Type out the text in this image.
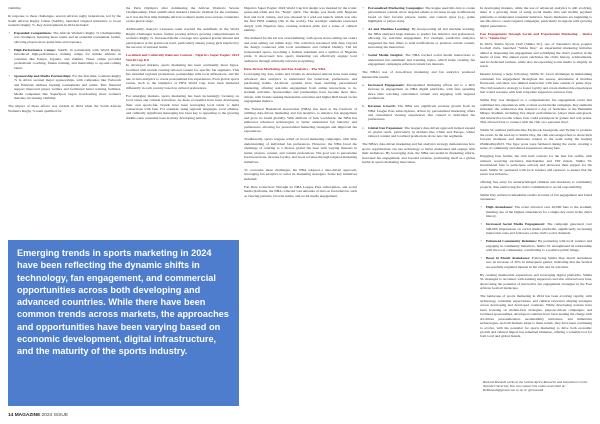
visibility.

In response to these challenges, several African rugby federations, led by the South African Rugby Union (SARU), launched targeted initiatives to boost women's Rugby 7s. Key developments in 2024 included:

• Expanded Competitions: The African Women's Rugby 7s Championship was revamped, featuring more teams and an extended tournament format, allowing players more game time and exposure.
• High-Performance Camps: SARU, in partnership with World Rugby, introduced high-performance training camps for female athletes in countries like Kenya, Uganda, and Zambia. These camps provided professional coaching, fitness training, and mentorship to up-and-coming talent.
• Sponsorship and Media Partnerships: For the first time, women's Rugby 7s in Africa secured major sponsorships, with companies like Vodacom and Emirates Airlines backing tournaments and teams. This financial support improved player welfare and facilitated better training facilities. Media companies like SuperSport began broadcasting more women's matches, increasing visibility.

The impact of these efforts was evident in 2024 when the South African Women's Rugby 7s team qualified for

the Paris Olympics after dominating the African Women's Sevens Championship. Their qualification marked a historic moment for the continent, as it was the first time multiple African women's teams were serious contenders on the global stage.

Additionally, Kenya's Lionesses team reached the semifinals in the World Rugby Challenger Series, further proving Africa's growing competitiveness in women's Rugby 7s. Increased media coverage also sparked greater interest and participation at the grassroots level, particularly among young girls inspired by the success of national teams.

Localized and Culturally Relevant Content - Nigeria's Super Eagles' 2024 World Cup Kit

In developed markets, sports marketing has been continually more hyper-localized with brands creating tailored content for specific fan segments. This has included regional promotions, partnerships with local influencers, and the use of data analytics to create personalized fan experiences. Even global sports events, such as the Olympics or FIFA World Cup, have been marketed differently in each country based on cultural preferences.

For emerging markets, sports marketing has been increasingly focusing on local tastes and cultural narratives. As these economies have been developing their own sports-fan, brands have been leveraging local talent to build connections with fans. For example, using regional languages, local athletes, and culturally significant messaging has been key to appealing to the growing middle-class consumer base in many developing nations.

Emerging trends in sports marketing in 2024 have been reflecting the dynamic shifts in technology, fan engagement, and commercial opportunities across both developing and advanced countries. While there have been common trends across markets, the approaches and opportunities have been varying based on economic development, digital infrastructure, and the maturity of the sports industry.

Nigeria's Super Eagles' 2024 World Cup Kit design was inspired by the iconic green-and-white and the "Naija" spirit. The design was made with Nigerian flair and local culture, and was released in a sold-out launch, which was also the first FIFA ranking (5th in the world). The nostalgic elements resonated deeply with Nigerian fans, evoking national pride and a sense of cultural identity.

The demand for the kit was overwhelming, with sports stores selling out orders and even selling out within days. The collection resonated with fans, beyond the design connected with local sentiments and cultural identity. The kit transcended sports, becoming a fashion statement and a symbol of Nigerian pride. It showcased how sports marketing can effectively engage local audiences through culturally relevant storytelling.

Data-Driven Marketing and Fan Analytics - The NBA

Leveraging big data, teams and brands in developed nations have been using advanced data analytics to understand fan behaviour, preferences, and purchasing habits. AI-driven systems have been enabling personalized marketing, offering real-time engagement from online interactions to in-stadium activities. Sponsorships and partnerships have become more data-driven, with brands seeking measurable outcomes and higher ROI based on fan engagement metrics.

The National Basketball Association (NBA) has been at the forefront of utilizing data-driven marketing and fan analytics to enhance fan engagement and grow its brand globally. With millions of fans worldwide, the NBA has embraced advanced technologies to better understand fan behavior and preferences, allowing for personalized marketing strategies and improved fan experiences.

Traditionally, sports leagues relied on broad marketing campaigns, with little understanding of individual fan preferences. However, the NBA faced the challenge of catering to a diverse global fan base with varying interests in teams, players, content, and content preferences. The goal was to personalize fan interactions, increase loyalty, and boost revenue through targeted marketing initiatives.

To overcome these challenges, the NBA adopted a data-driven approach, leveraging fan analytics to tailor its marketing strategies. Some key initiatives included:

Fan Data Collection: Through its NBA League Pass subscription, and social media platforms, the NBA collected vast amounts of data on fan behavior, such as viewing patterns, favorite teams, and social media engagement.

• Personalized Marketing Campaigns: The league used this data to create personalized content, more targeted emails to increase in-app notifications based on fans' favorite players, teams, and content types (e.g., game highlights or player stats).
• AI and Machine Learning: By incorporating AI and machine learning, the NBA analyzed large datasets to predict fan behavior and preferences, allowing for real-time engagement. For example, predictive analytics suggested the best times to send notifications or promote certain content, increasing fan interaction.
• Social Media Insights: The NBA tracked social media interactions to understand fan sentiment and trending topics, which helps creating fan engagement campaigns reflected current fan interests.

The NBA's use of data-driven marketing and fan analytics produced measurable results:

a. Increased Engagement: Personalized marketing efforts led to a 40% increase in engagement on NBA digital platforms, with fans spending more time watching customized content and engaging with targeted promotions.
b. Revenue Growth: The NBA saw significant revenue growth from its NBA League Pass subscriptions, driven by personalized marketing offers and customized viewing experiences that catered to individual fan preferences.
c. Global Fan Expansion: The league's data-driven approach helped expand its global reach, particularly in markets like China and Europe, where tailored content and localized promotions drove new fan segments.

The NBA's data-driven marketing and fan analytics strategy demonstrates how sports organizations can use technology to better understand and engage with their audiences. By leveraging data, the NBA succeeded in marketing efforts, increased fan engagement, and boosted revenue, positioning itself as a global leader in sports marketing innovation.

In developing markets, while the use of advanced analytics is still evolving, there is a growing trend of using social media data and mobile payment platforms to understand consumer behavior. Sports marketers are beginning to use this data to create targeted campaigns, particularly in regions with growing digital penetration.

Fan Engagement through Social and Experiential Marketing - Simba SC's "Simba Day"

In 2023, Simba Sports Club (Simba SC), one of Tanzania's most popular football clubs, launched "Simba Day," an experiential marketing initiative aimed at deepening fan engagement and solidifying the club's position in the hearts of fans. The annual event celebrates the club's history, achievements, and its dedicated fanbase, while also incorporating social media to amplify its reach.

Despite having a large following, Simba SC faced challenges in maintaining consistent fan engagement throughout the season. Attendance at matches fluctuated, and there was limited interaction with fans outside of game days. The club needed a strategy to foster loyalty and create memorable experiences that would resonate with both long-time supporters and new fans.

Simba Day was designed as a comprehensive fan engagement event that combined live experiences with a robust social media campaign. Key elements included: the celebration that featured a day of festivities at the Benjamin Mkapa Stadium, including live music performances, player meet-and-greets, and interactive booths where fans could participate in games and win prizes. This allowed fans to connect with the club on a personal level.

Simba SC utilized platforms like Facebook, Instagram, and Twitter to promote the event. In the lead-up to Simba Day, the club encouraged fans to share their favorite moments and memories related to the team using the hashtag #SimbaDay2023. The hype posts were furthered during the event, creating a sense of community and shared experiences among fans.

Engaging fans further, the club held contests for the best fan outfits, with winners receiving exclusive merchandise and VIP tickets. Simba SC incentivized fans to participate actively and showcase their support for the team. Simba SC partnered with local vendors and sponsors to ensure that the event was inclusive,

offering free entry for underprivileged children and donations to community projects, thus reinforcing the club's commitment to social responsibility.

Simba Day achieved remarkable results in terms of fan engagement and brand awareness:

• High Attendance: The event attracted over 20,000 fans to the stadium, marking one of the highest attendances for a single-day event in the club's history.
• Increased Social Media Engagement: The campaign generated over 500,000 impressions on social media platforms, significantly increasing interaction rates and followers on the club's social channels.
• Enhanced Community Relations: By partnering with local vendors and engaging in community initiatives, Simba SC strengthened its relationship with the local community, contributing to a positive public image.
• Boost in Match Attendance: Following Simba Day, match attendance saw an increase of 30% in subsequent games, indicating that the festival successfully reignited interest in the club and its activities.

By creating memorable experiences and leveraging digital platforms, Simba SC managed to reconnect with existing supporters and also attracted new fans, showcasing the potential of innovative fan engagement strategies in the East African football landscape.

The landscape of sports marketing in 2024 has been evolving rapidly, with technology, consumer expectations, and cultural relevance shaping strategies across developing and developed countries. While developing nations have been focusing on mobile-first strategies, purpose-driven campaigns, and localized sponsorships, developed countries have been leading the charge with AI-driven personalization, sustainability initiatives, and immersive technologies. As both markets adapt to these trends, they have been continuing to evolve, with the potential for sports marketing to drive both economic growth and cultural impact has remained immense, offering a valuable tool for both local and global brands.

14 MAGAZINE 2024 ISSUE
Richard Mwandi works at the Gothia Africa Research and Innovation Centre Nairobi Univeristy. You can contact him online and email at: ReMwandi@gmail.com or on X: @rmwandi
